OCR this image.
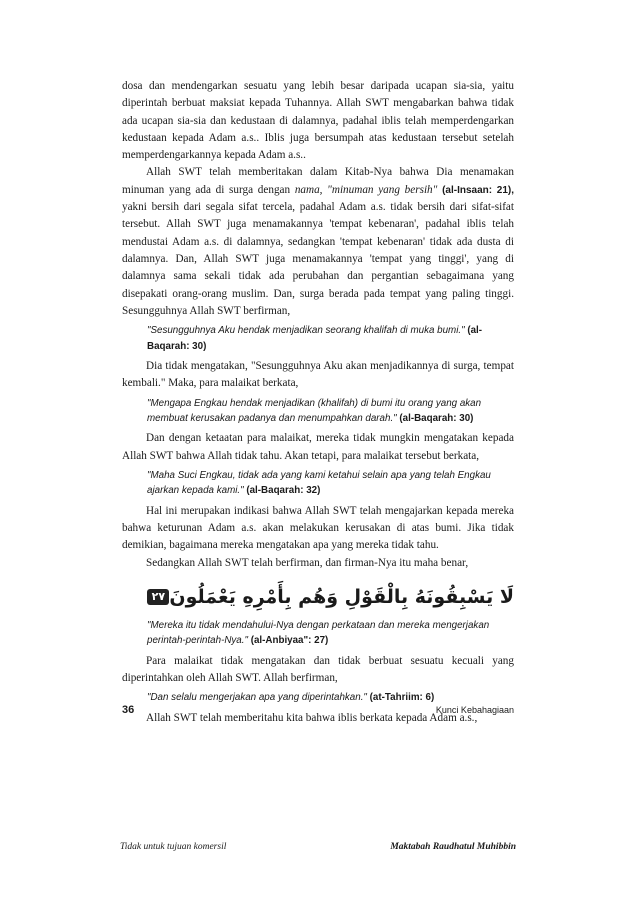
dosa dan mendengarkan sesuatu yang lebih besar daripada ucapan sia-sia, yaitu diperintah berbuat maksiat kepada Tuhannya. Allah SWT mengabarkan bahwa tidak ada ucapan sia-sia dan kedustaan di dalamnya, padahal iblis telah memperdengarkan kedustaan kepada Adam a.s.. Iblis juga bersumpah atas kedustaan tersebut setelah memperdengarkannya kepada Adam a.s..

Allah SWT telah memberitakan dalam Kitab-Nya bahwa Dia menamakan minuman yang ada di surga dengan nama, "minuman yang bersih" (al-Insaan: 21), yakni bersih dari segala sifat tercela, padahal Adam a.s. tidak bersih dari sifat-sifat tersebut. Allah SWT juga menamakannya 'tempat kebenaran', padahal iblis telah mendustai Adam a.s. di dalamnya, sedangkan 'tempat kebenaran' tidak ada dusta di dalamnya. Dan, Allah SWT juga menamakannya 'tempat yang tinggi', yang di dalamnya sama sekali tidak ada perubahan dan pergantian sebagaimana yang disepakati orang-orang muslim. Dan, surga berada pada tempat yang paling tinggi. Sesungguhnya Allah SWT berfirman,

"Sesungguhnya Aku hendak menjadikan seorang khalifah di muka bumi." (al-Baqarah: 30)

Dia tidak mengatakan, "Sesungguhnya Aku akan menjadikannya di surga, tempat kembali." Maka, para malaikat berkata,

"Mengapa Engkau hendak menjadikan (khalifah) di bumi itu orang yang akan membuat kerusakan padanya dan menumpahkan darah." (al-Baqarah: 30)

Dan dengan ketaatan para malaikat, mereka tidak mungkin mengatakan kepada Allah SWT bahwa Allah tidak tahu. Akan tetapi, para malaikat tersebut berkata,

"Maha Suci Engkau, tidak ada yang kami ketahui selain apa yang telah Engkau ajarkan kepada kami." (al-Baqarah: 32)

Hal ini merupakan indikasi bahwa Allah SWT telah mengajarkan kepada mereka bahwa keturunan Adam a.s. akan melakukan kerusakan di atas bumi. Jika tidak demikian, bagaimana mereka mengatakan apa yang mereka tidak tahu.

Sedangkan Allah SWT telah berfirman, dan firman-Nya itu maha benar,

لَا يَسْبِقُونَهُ بِالْقَوْلِ وَهُم بِأَمْرِهِ يَعْمَلُونَ٢٧
"Mereka itu tidak mendahului-Nya dengan perkataan dan mereka mengerjakan perintah-perintah-Nya." (al-Anbiyaa": 27)

Para malaikat tidak mengatakan dan tidak berbuat sesuatu kecuali yang diperintahkan oleh Allah SWT. Allah berfirman,

"Dan selalu mengerjakan apa yang diperintahkan." (at-Tahriim: 6)

Allah SWT telah memberitahu kita bahwa iblis berkata kepada Adam a.s.,

36	Kunci Kebahagiaan
Tidak untuk tujuan komersil	Maktabah Raudhatul Muhibbin
